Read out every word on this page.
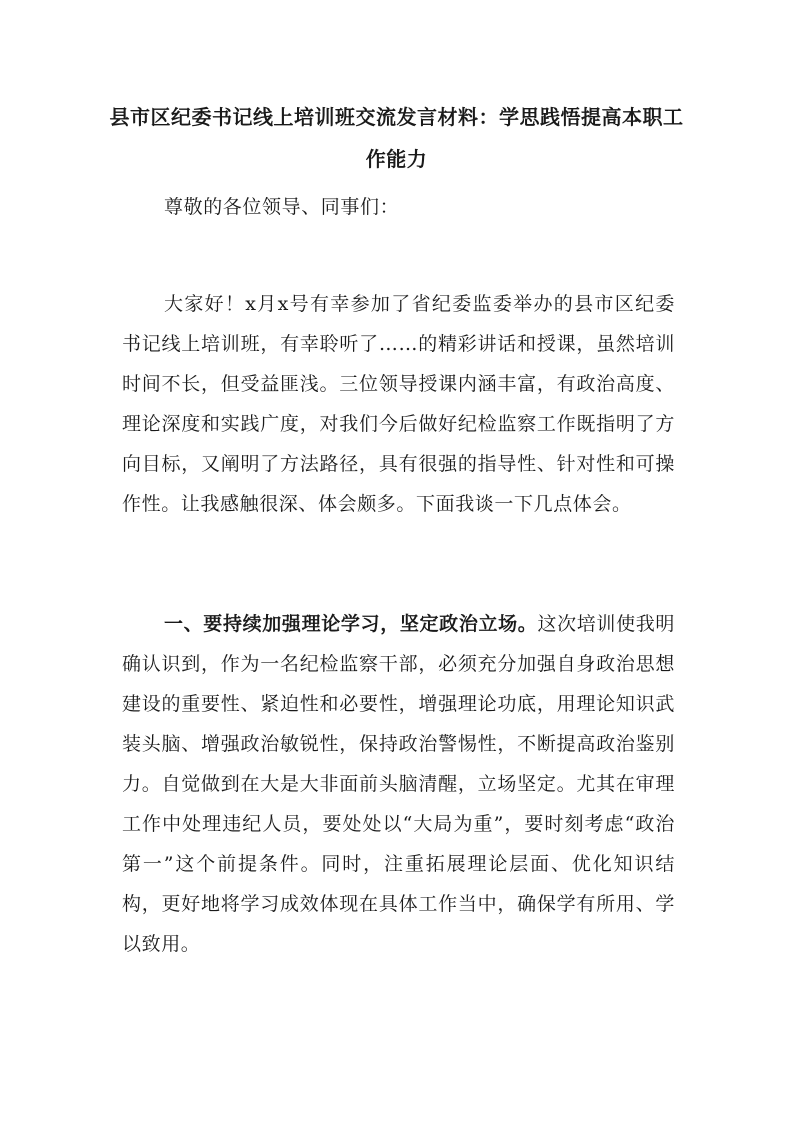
县市区纪委书记线上培训班交流发言材料：学思践悟提高本职工作能力

尊敬的各位领导、同事们：

大家好！x月x号有幸参加了省纪委监委举办的县市区纪委书记线上培训班，有幸聆听了……的精彩讲话和授课，虽然培训时间不长，但受益匪浅。三位领导授课内涵丰富，有政治高度、理论深度和实践广度，对我们今后做好纪检监察工作既指明了方向目标，又阐明了方法路径，具有很强的指导性、针对性和可操作性。让我感触很深、体会颇多。下面我谈一下几点体会。

一、要持续加强理论学习，坚定政治立场。这次培训使我明确认识到，作为一名纪检监察干部，必须充分加强自身政治思想建设的重要性、紧迫性和必要性，增强理论功底，用理论知识武装头脑、增强政治敏锐性，保持政治警惕性，不断提高政治鉴别力。自觉做到在大是大非面前头脑清醒，立场坚定。尤其在审理工作中处理违纪人员，要处处以“大局为重”，要时刻考虑“政治第一”这个前提条件。同时，注重拓展理论层面、优化知识结构，更好地将学习成效体现在具体工作当中，确保学有所用、学以致用。
